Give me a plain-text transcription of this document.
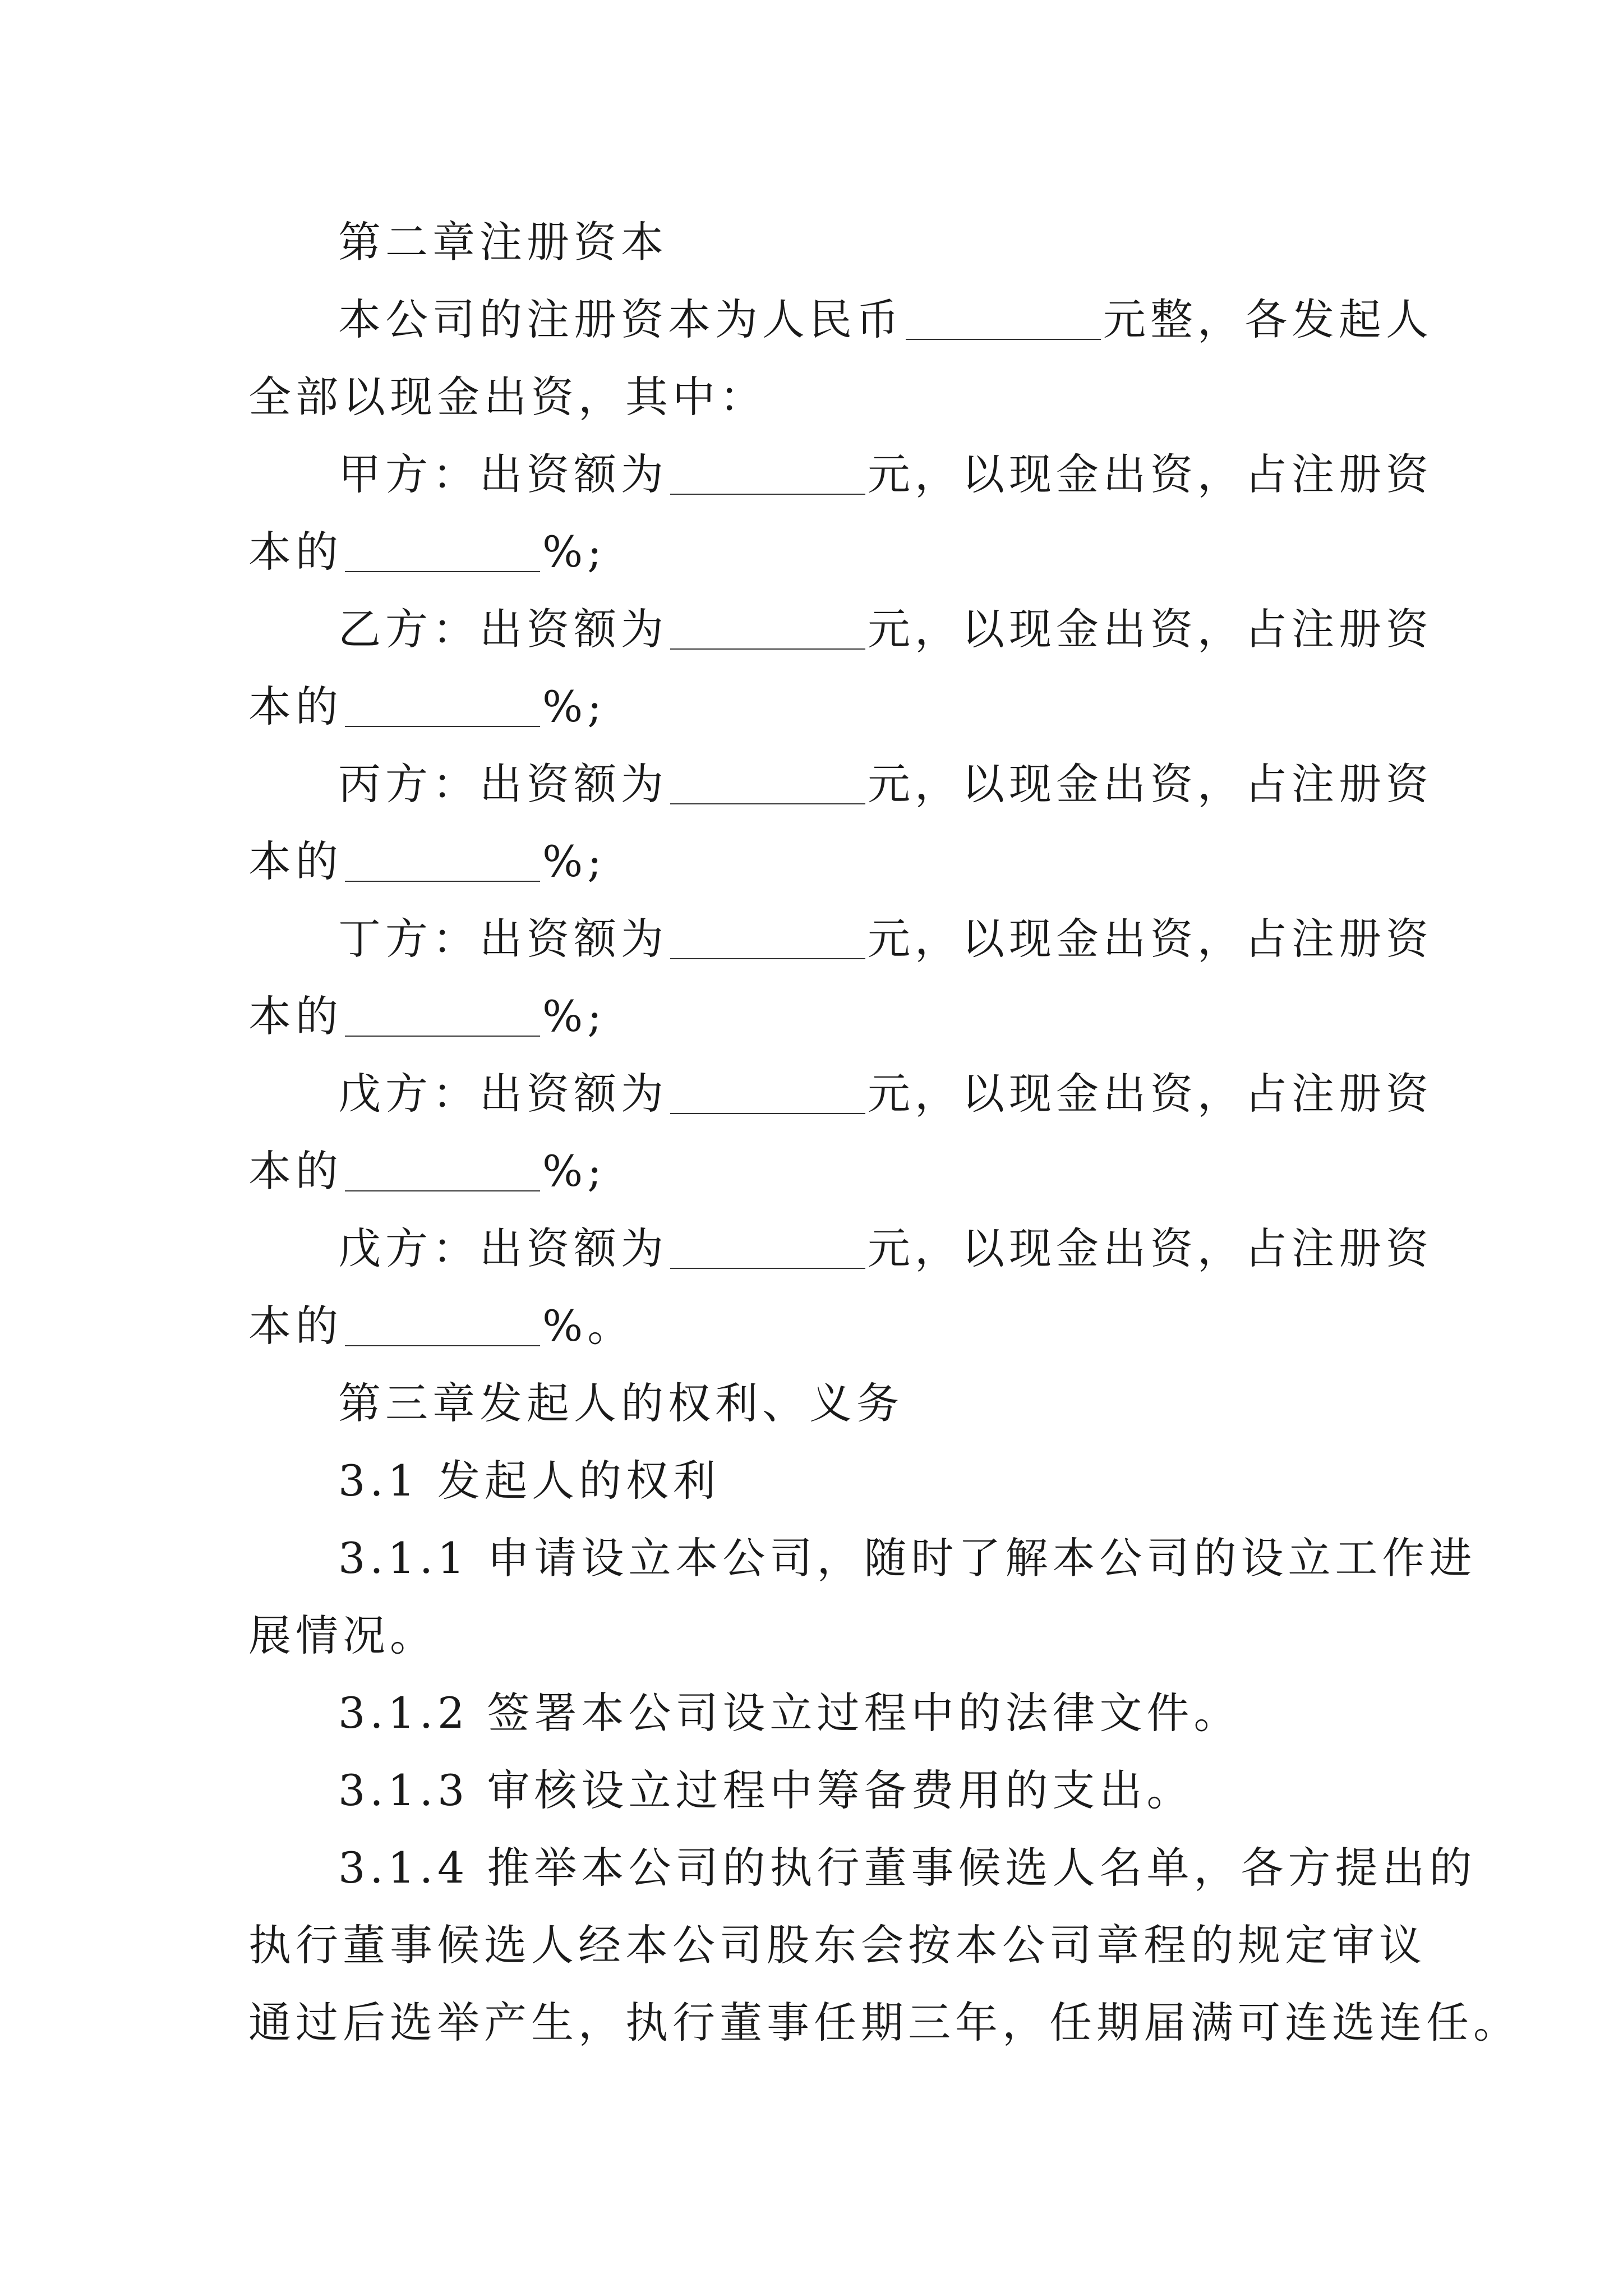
第二章注册资本
本公司的注册资本为人民币	元整，各发起人
全部以现金出资，其中：
甲方：出资额为	元，以现金出资，占注册资
本的	%;
乙方：出资额为	元，以现金出资，占注册资
本的	%;
丙方：出资额为	元，以现金出资，占注册资
本的	%;
丁方：出资额为	元，以现金出资，占注册资
本的	%;
戊方：出资额为	元，以现金出资，占注册资
本的	%;
戊方：出资额为	元，以现金出资，占注册资
本的	%。
第三章发起人的权利、义务
3.1 发起人的权利
3.1.1 申请设立本公司，随时了解本公司的设立工作进
展情况。
3.1.2 签署本公司设立过程中的法律文件。
3.1.3 审核设立过程中筹备费用的支出。
3.1.4 推举本公司的执行董事候选人名单，各方提出的
执行董事候选人经本公司股东会按本公司章程的规定审议
通过后选举产生，执行董事任期三年，任期届满可连选连任。
